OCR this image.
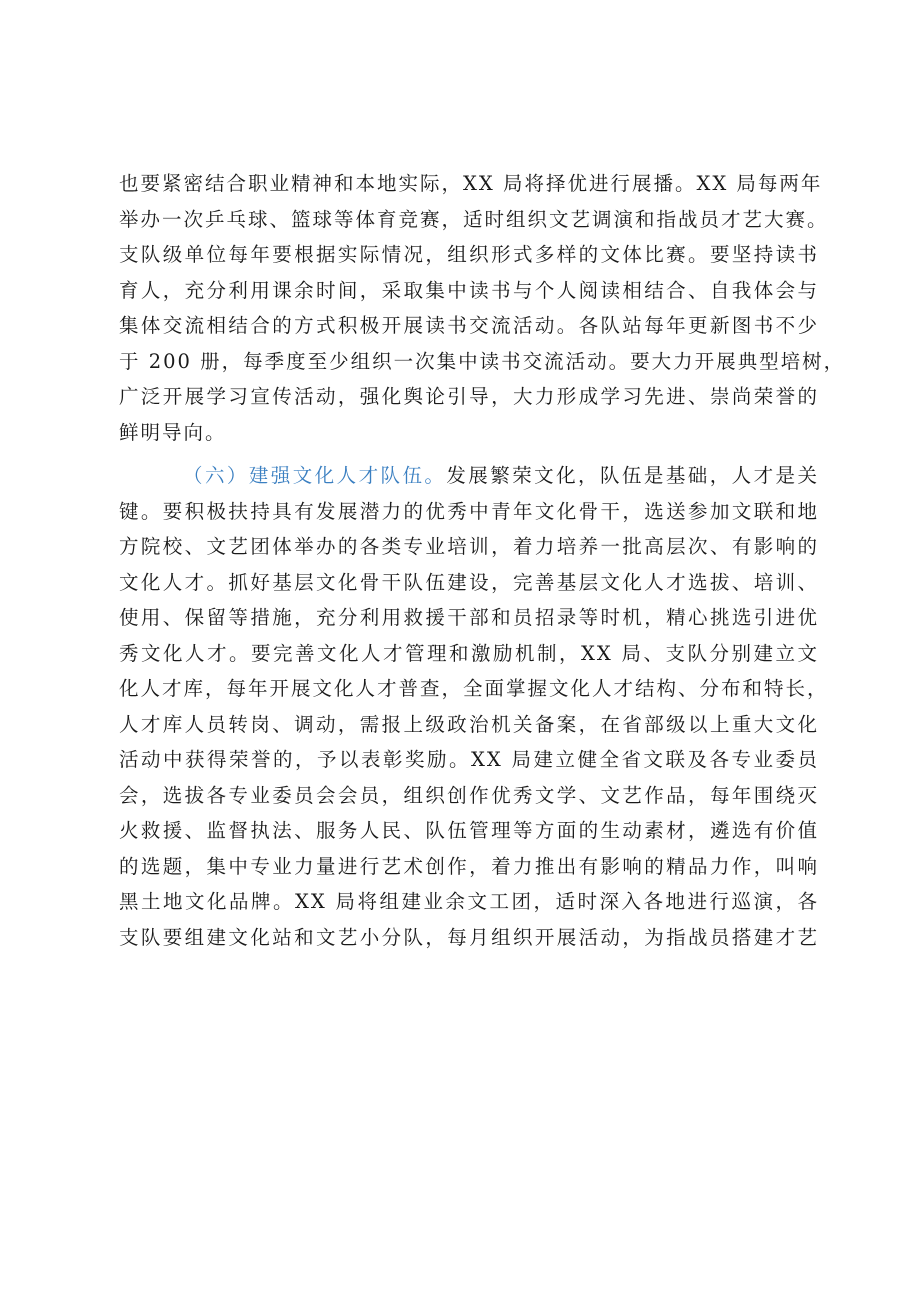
也要紧密结合职业精神和本地实际，XX 局将择优进行展播。XX 局每两年
举办一次乒乓球、篮球等体育竞赛，适时组织文艺调演和指战员才艺大赛。
支队级单位每年要根据实际情况，组织形式多样的文体比赛。要坚持读书
育人，充分利用课余时间，采取集中读书与个人阅读相结合、自我体会与
集体交流相结合的方式积极开展读书交流活动。各队站每年更新图书不少
于 200 册，每季度至少组织一次集中读书交流活动。要大力开展典型培树，
广泛开展学习宣传活动，强化舆论引导，大力形成学习先进、崇尚荣誉的
鲜明导向。
（六）建强文化人才队伍。发展繁荣文化，队伍是基础，人才是关
键。要积极扶持具有发展潜力的优秀中青年文化骨干，选送参加文联和地
方院校、文艺团体举办的各类专业培训，着力培养一批高层次、有影响的
文化人才。抓好基层文化骨干队伍建设，完善基层文化人才选拔、培训、
使用、保留等措施，充分利用救援干部和员招录等时机，精心挑选引进优
秀文化人才。要完善文化人才管理和激励机制，XX 局、支队分别建立文
化人才库，每年开展文化人才普查，全面掌握文化人才结构、分布和特长，
人才库人员转岗、调动，需报上级政治机关备案，在省部级以上重大文化
活动中获得荣誉的，予以表彰奖励。XX 局建立健全省文联及各专业委员
会，选拔各专业委员会会员，组织创作优秀文学、文艺作品，每年围绕灭
火救援、监督执法、服务人民、队伍管理等方面的生动素材，遴选有价值
的选题，集中专业力量进行艺术创作，着力推出有影响的精品力作，叫响
黑土地文化品牌。XX 局将组建业余文工团，适时深入各地进行巡演，各
支队要组建文化站和文艺小分队，每月组织开展活动，为指战员搭建才艺
